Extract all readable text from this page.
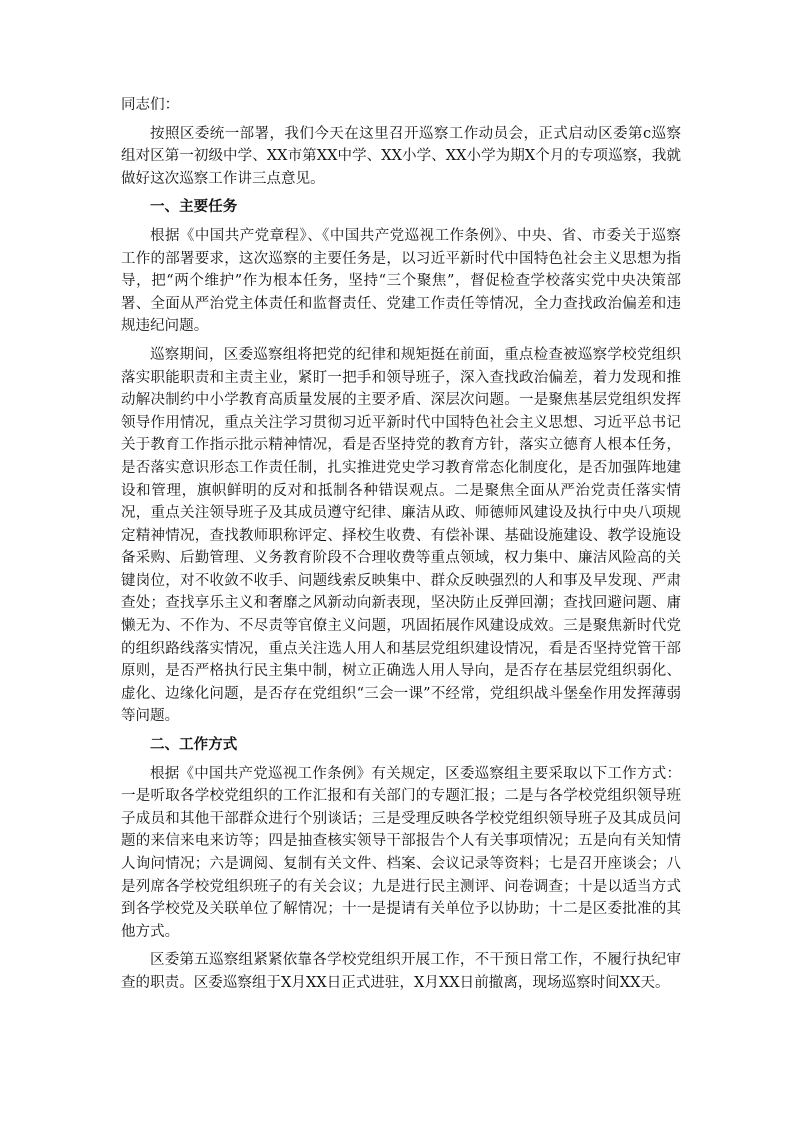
同志们：

按照区委统一部署，我们今天在这里召开巡察工作动员会，正式启动区委第c巡察组对区第一初级中学、XX市第XX中学、XX小学、XX小学为期X个月的专项巡察，我就做好这次巡察工作讲三点意见。

一、主要任务

根据《中国共产党章程》、《中国共产党巡视工作条例》、中央、省、市委关于巡察工作的部署要求，这次巡察的主要任务是，以习近平新时代中国特色社会主义思想为指导，把“两个维护”作为根本任务，坚持“三个聚焦”，督促检查学校落实党中央决策部署、全面从严治党主体责任和监督责任、党建工作责任等情况，全力查找政治偏差和违规违纪问题。

巡察期间，区委巡察组将把党的纪律和规矩挺在前面，重点检查被巡察学校党组织落实职能职责和主责主业，紧盯一把手和领导班子，深入查找政治偏差，着力发现和推动解决制约中小学教育高质量发展的主要矛盾、深层次问题。一是聚焦基层党组织发挥领导作用情况，重点关注学习贯彻习近平新时代中国特色社会主义思想、习近平总书记关于教育工作指示批示精神情况，看是否坚持党的教育方针，落实立德育人根本任务，是否落实意识形态工作责任制，扎实推进党史学习教育常态化制度化，是否加强阵地建设和管理，旗帜鲜明的反对和抵制各种错误观点。二是聚焦全面从严治党责任落实情况，重点关注领导班子及其成员遵守纪律、廉洁从政、师德师风建设及执行中央八项规定精神情况，查找教师职称评定、择校生收费、有偿补课、基础设施建设、教学设施设备采购、后勤管理、义务教育阶段不合理收费等重点领域，权力集中、廉洁风险高的关键岗位，对不收敛不收手、问题线索反映集中、群众反映强烈的人和事及早发现、严肃查处；查找享乐主义和奢靡之风新动向新表现，坚决防止反弹回潮；查找回避问题、庸懒无为、不作为、不尽责等官僚主义问题，巩固拓展作风建设成效。三是聚焦新时代党的组织路线落实情况，重点关注选人用人和基层党组织建设情况，看是否坚持党管干部原则，是否严格执行民主集中制，树立正确选人用人导向，是否存在基层党组织弱化、虚化、边缘化问题，是否存在党组织“三会一课”不经常，党组织战斗堡垒作用发挥薄弱等问题。

二、工作方式

根据《中国共产党巡视工作条例》有关规定，区委巡察组主要采取以下工作方式：一是听取各学校党组织的工作汇报和有关部门的专题汇报；二是与各学校党组织领导班子成员和其他干部群众进行个别谈话；三是受理反映各学校党组织领导班子及其成员问题的来信来电来访等；四是抽查核实领导干部报告个人有关事项情况；五是向有关知情人询问情况；六是调阅、复制有关文件、档案、会议记录等资料；七是召开座谈会；八是列席各学校党组织班子的有关会议；九是进行民主测评、问卷调查；十是以适当方式到各学校党及关联单位了解情况；十一是提请有关单位予以协助；十二是区委批准的其他方式。

区委第五巡察组紧紧依靠各学校党组织开展工作，不干预日常工作，不履行执纪审查的职责。区委巡察组于X月XX日正式进驻，X月XX日前撤离，现场巡察时间XX天。
